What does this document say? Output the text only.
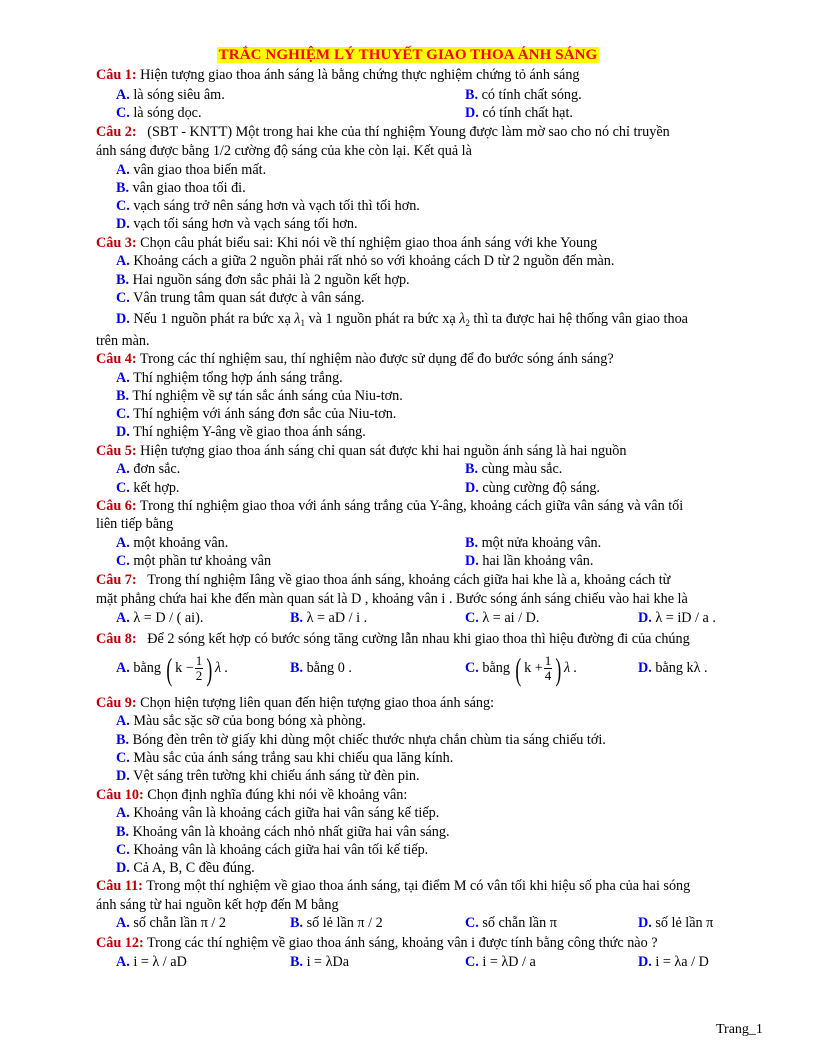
TRẮC NGHIỆM LÝ THUYẾT GIAO THOA ÁNH SÁNG
Câu 1: Hiện tượng giao thoa ánh sáng là bằng chứng thực nghiệm chứng tỏ ánh sáng
A. là sóng siêu âm.	B. có tính chất sóng.
C. là sóng dọc.	D. có tính chất hạt.
Câu 2: (SBT - KNTT) Một trong hai khe của thí nghiệm Young được làm mờ sao cho nó chỉ truyền
ánh sáng được bằng 1/2 cường độ sáng của khe còn lại. Kết quả là
A. vân giao thoa biến mất.
B. vân giao thoa tối đi.
C. vạch sáng trở nên sáng hơn và vạch tối thì tối hơn.
D. vạch tối sáng hơn và vạch sáng tối hơn.
Câu 3: Chọn câu phát biểu sai: Khi nói về thí nghiệm giao thoa ánh sáng với khe Young
A. Khoảng cách a giữa 2 nguồn phải rất nhỏ so với khoảng cách D từ 2 nguồn đến màn.
B. Hai nguồn sáng đơn sắc phải là 2 nguồn kết hợp.
C. Vân trung tâm quan sát được à vân sáng.
D. Nếu 1 nguồn phát ra bức xạ $\lambda_1$ và 1 nguồn phát ra bức xạ $\lambda_2$ thì ta được hai hệ thống vân giao thoa
trên màn.
Câu 4: Trong các thí nghiệm sau, thí nghiệm nào được sử dụng để đo bước sóng ánh sáng?
A. Thí nghiệm tổng hợp ánh sáng trắng.
B. Thí nghiệm về sự tán sắc ánh sáng của Niu-tơn.
C. Thí nghiệm với ánh sáng đơn sắc của Niu-tơn.
D. Thí nghiệm Y-âng về giao thoa ánh sáng.
Câu 5: Hiện tượng giao thoa ánh sáng chỉ quan sát được khi hai nguồn ánh sáng là hai nguồn
A. đơn sắc.	B. cùng màu sắc.
C. kết hợp.	D. cùng cường độ sáng.
Câu 6: Trong thí nghiệm giao thoa với ánh sáng trắng của Y-âng, khoảng cách giữa vân sáng và vân tối
liên tiếp bằng
A. một khoảng vân.	B. một nửa khoảng vân.
C. một phần tư khoảng vân	D. hai lần khoảng vân.
Câu 7: Trong thí nghiệm Iâng về giao thoa ánh sáng, khoảng cách giữa hai khe là a, khoảng cách từ
mặt phẳng chứa hai khe đến màn quan sát là D , khoảng vân i . Bước sóng ánh sáng chiếu vào hai khe là
A. λ = D / ( ai).	B. λ = aD / i .	C. λ = ai / D.	D. λ = iD / a .
Câu 8: Để 2 sóng kết hợp có bước sóng tăng cường lẫn nhau khi giao thoa thì hiệu đường đi của chúng
A. bằng ( $k - \frac{1}{2}$ ) λ .	B. bằng 0 .	C. bằng ( $k + \frac{1}{4}$ ) λ .	D. bằng kλ .
Câu 9: Chọn hiện tượng liên quan đến hiện tượng giao thoa ánh sáng:
A. Màu sắc sặc sỡ của bong bóng xà phòng.
B. Bóng đèn trên tờ giấy khi dùng một chiếc thước nhựa chắn chùm tia sáng chiếu tới.
C. Màu sắc của ánh sáng trắng sau khi chiếu qua lăng kính.
D. Vệt sáng trên tường khi chiếu ánh sáng từ đèn pin.
Câu 10: Chọn định nghĩa đúng khi nói về khoảng vân:
A. Khoảng vân là khoảng cách giữa hai vân sáng kế tiếp.
B. Khoảng vân là khoảng cách nhỏ nhất giữa hai vân sáng.
C. Khoảng vân là khoảng cách giữa hai vân tối kế tiếp.
D. Cả A, B, C đều đúng.
Câu 11: Trong một thí nghiệm về giao thoa ánh sáng, tại điểm M có vân tối khi hiệu số pha của hai sóng
ánh sáng từ hai nguồn kết hợp đến M bằng
A. số chẵn lần π / 2	B. số lẻ lần π / 2	C. số chẵn lần π	D. số lẻ lần π
Câu 12: Trong các thí nghiệm về giao thoa ánh sáng, khoảng vân i được tính bằng công thức nào ?
A. i = λ / aD	B. i = λDa	C. i = λD / a	D. i = λa / D
Trang_1
